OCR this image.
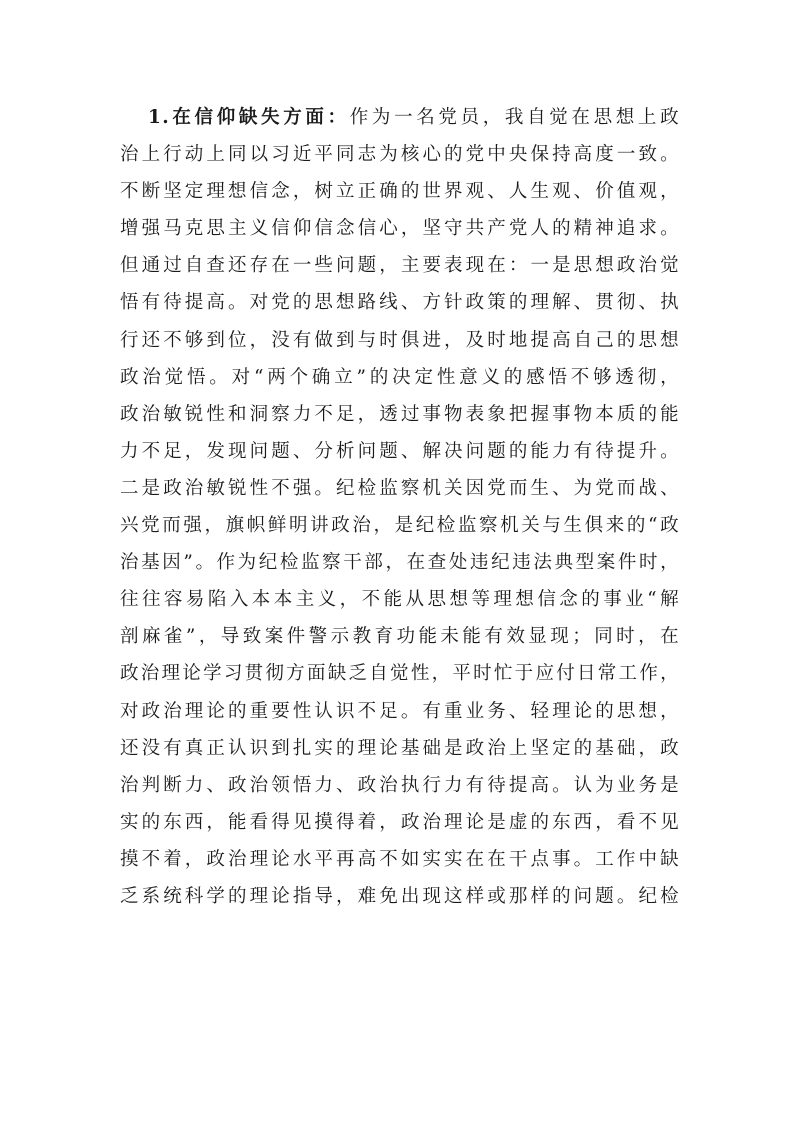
1.在信仰缺失方面：作为一名党员，我自觉在思想上政
治上行动上同以习近平同志为核心的党中央保持高度一致。
不断坚定理想信念，树立正确的世界观、人生观、价值观，
增强马克思主义信仰信念信心，坚守共产党人的精神追求。
但通过自查还存在一些问题，主要表现在：一是思想政治觉
悟有待提高。对党的思想路线、方针政策的理解、贯彻、执
行还不够到位，没有做到与时俱进，及时地提高自己的思想
政治觉悟。对“两个确立”的决定性意义的感悟不够透彻，
政治敏锐性和洞察力不足，透过事物表象把握事物本质的能
力不足，发现问题、分析问题、解决问题的能力有待提升。
二是政治敏锐性不强。纪检监察机关因党而生、为党而战、
兴党而强，旗帜鲜明讲政治，是纪检监察机关与生俱来的“政
治基因”。作为纪检监察干部，在查处违纪违法典型案件时，
往往容易陷入本本主义，不能从思想等理想信念的事业“解
剖麻雀”，导致案件警示教育功能未能有效显现；同时，在
政治理论学习贯彻方面缺乏自觉性，平时忙于应付日常工作，
对政治理论的重要性认识不足。有重业务、轻理论的思想，
还没有真正认识到扎实的理论基础是政治上坚定的基础，政
治判断力、政治领悟力、政治执行力有待提高。认为业务是
实的东西，能看得见摸得着，政治理论是虚的东西，看不见
摸不着，政治理论水平再高不如实实在在干点事。工作中缺
乏系统科学的理论指导，难免出现这样或那样的问题。纪检
